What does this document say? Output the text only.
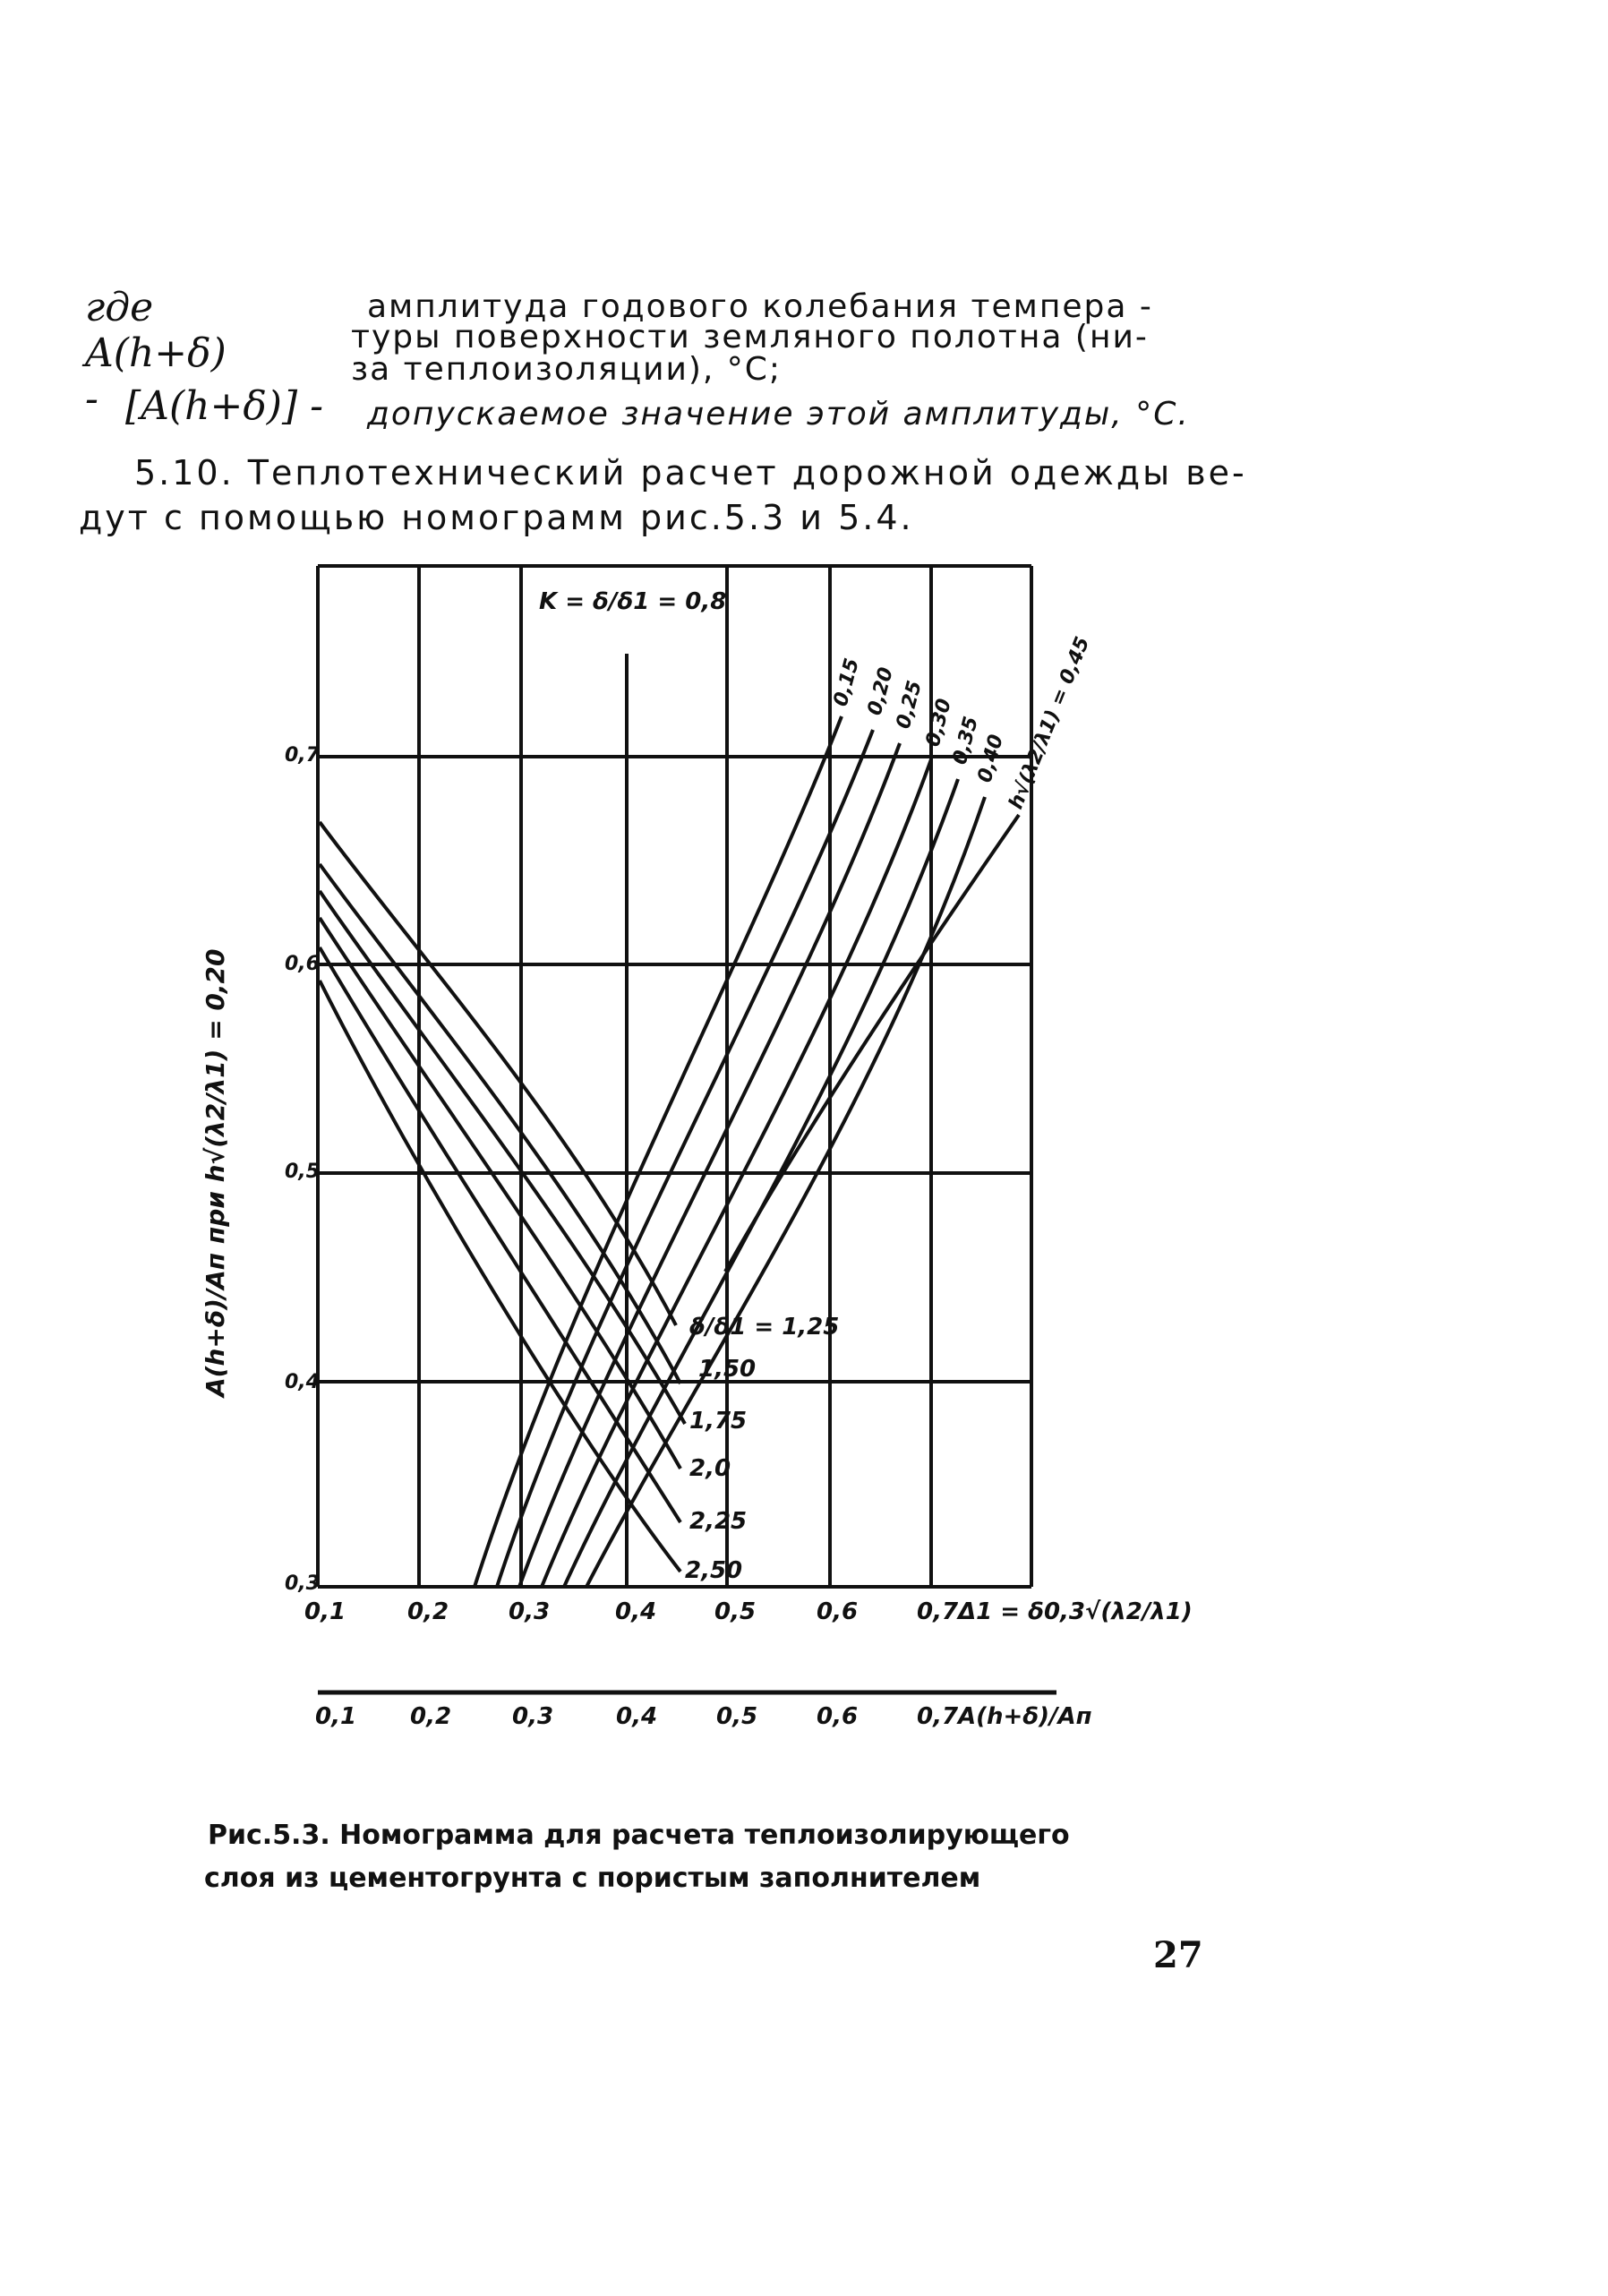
где A(h+δ) -
амплитуда годового колебания темпера -
туры поверхности земляного полотна (ни-
за теплоизоляции), °C;
[A(h+δ)] - допускаемое значение этой амплитуды, °C.
5.10. Теплотехнический расчет дорожной одежды ве-
дут с помощью номограмм рис.5.3 и 5.4.
0,3
0,4
0,5
0,6
0,7
0,1	0,2	0,3	0,4 0,5	0,6	0,7 Δ1 = δ0,3√(λ2/λ1)
0,1 0,2	0,3	0,4	0,5	0,6	0,7 A(h+δ)/Aп
K = δ/δ1 = 0,8
δ/δ1 = 1,25
1,50
1,75
2,0
2,25
2,50
0,15 0,20
0,25
0,30
0,35
0,40
h√(λ2/λ1) = 0,45
A(h+δ)/Aп при h√(λ2/λ1) = 0,20
Рис.5.3. Номограмма для расчета теплоизолирующего
слоя из цементогрунта с пористым заполнителем
27
